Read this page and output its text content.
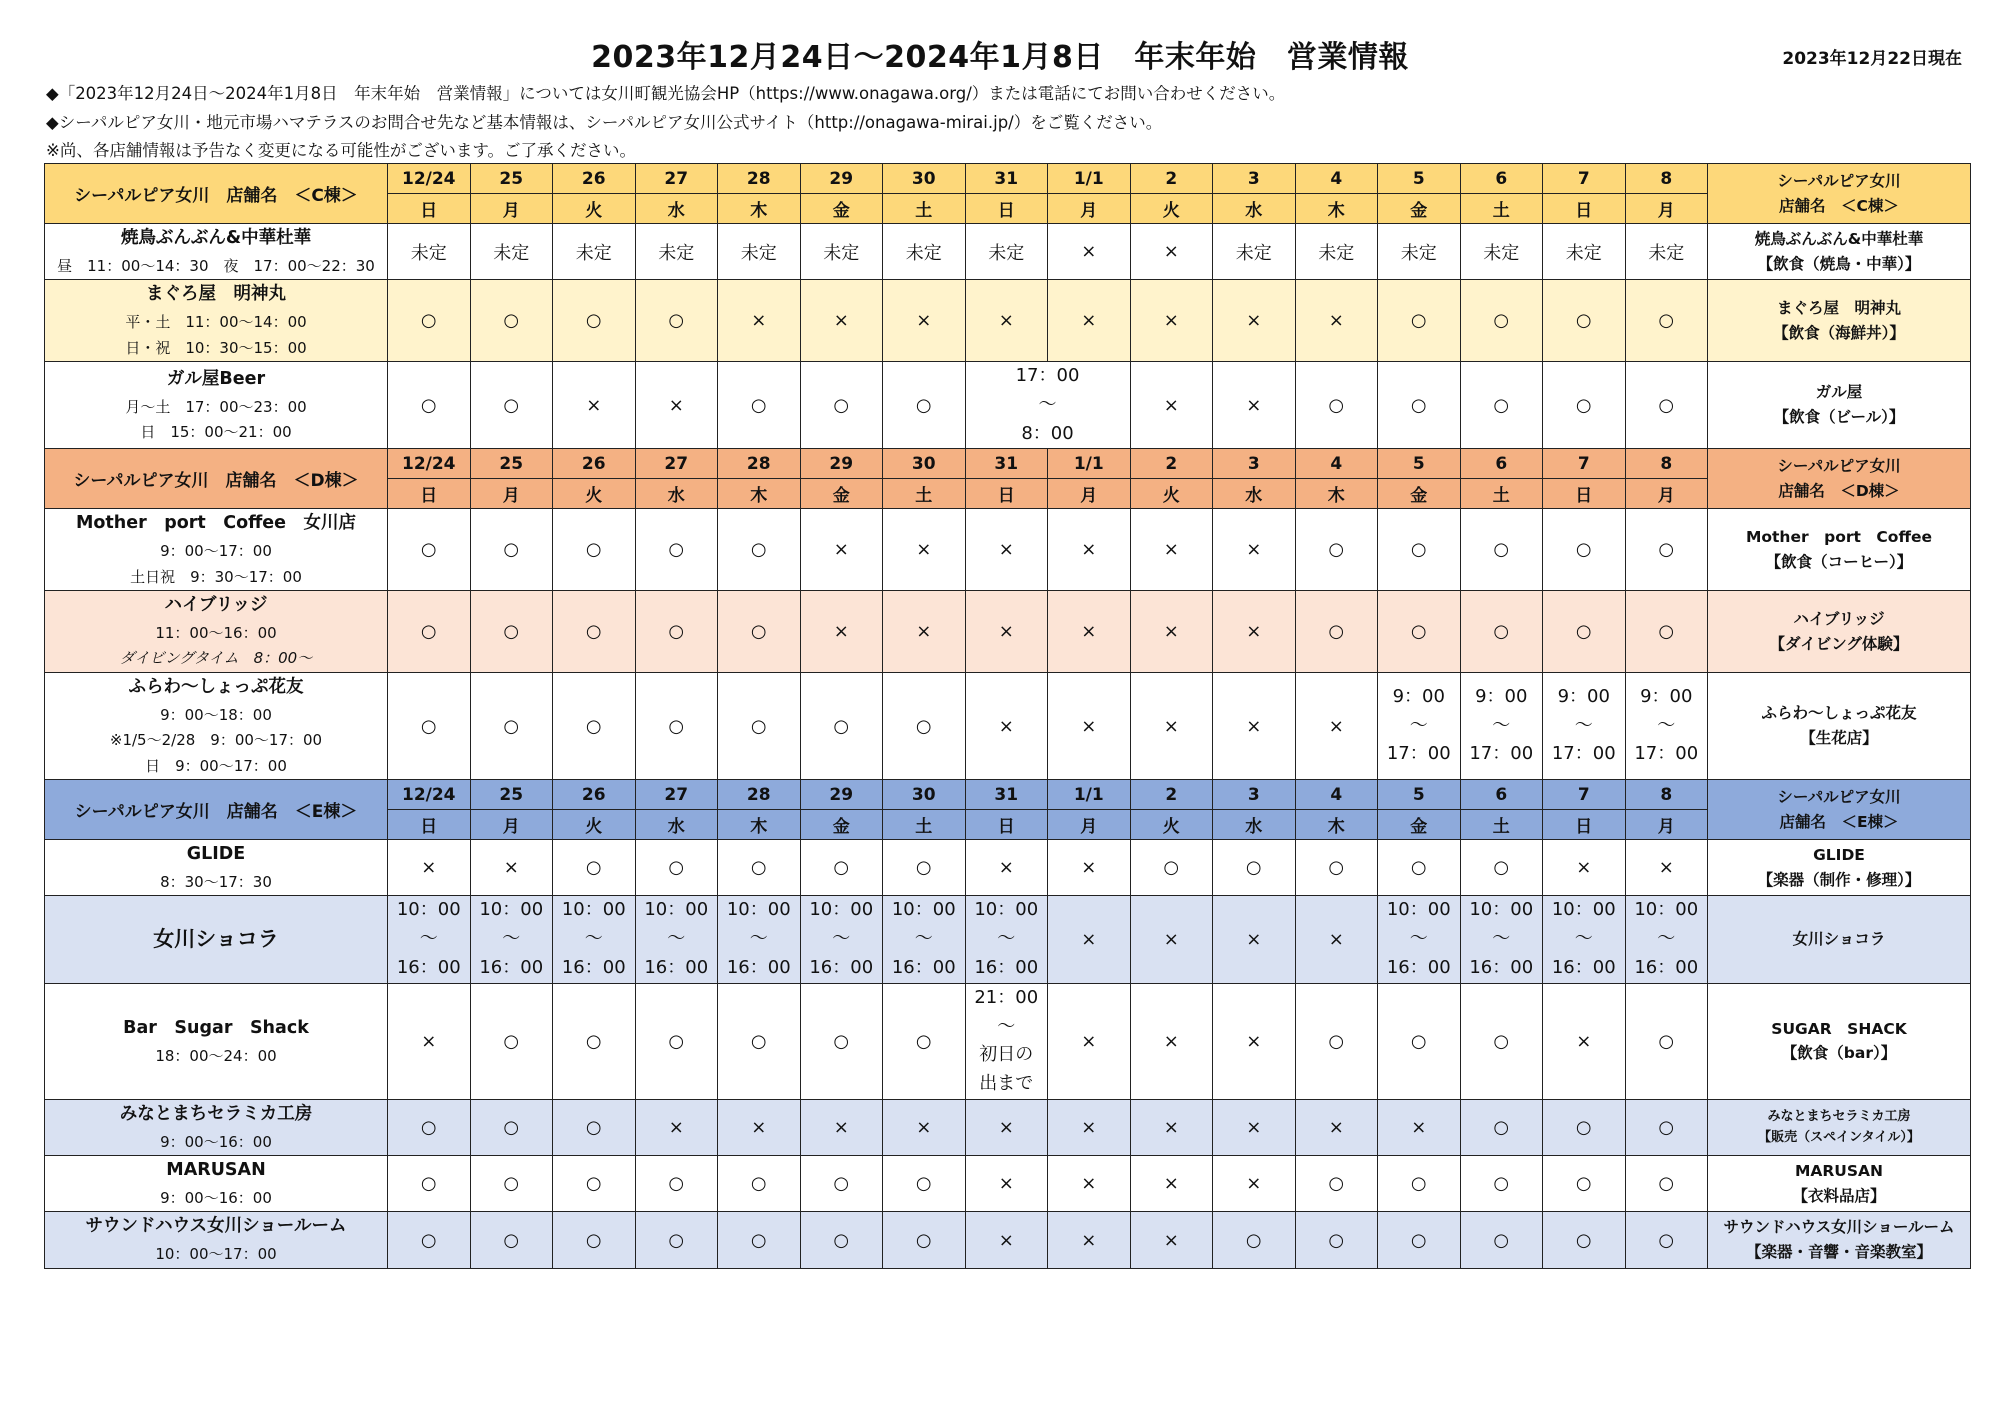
2023年12月24日〜2024年1月8日　年末年始　営業情報	2023年12月22日現在
◆「2023年12月24日〜2024年1月8日　年末年始　営業情報」については女川町観光協会HP（https://www.onagawa.org/）または電話にてお問い合わせください。
◆シーパルピア女川・地元市場ハマテラスのお問合せ先など基本情報は、シーパルピア女川公式サイト（http://onagawa-mirai.jp/）をご覧ください。
※尚、各店舗情報は予告なく変更になる可能性がございます。ご了承ください。
シーパルピア女川　店舗名　＜C棟＞	12/24	25	26	27	28	29	30	31	1/1	2	3	4	5	6	7	8	シーパルピア女川
店舗名　＜C棟＞

	日	月	火	水	木	金	土	日	月	火	水	木	金	土	日	月	

焼鳥ぶんぶん&中華杜華
昼　11：00〜14：30　夜　17：00〜22：30	未定	未定	未定	未定	未定	未定	未定	未定	×	×	未定	未定	未定	未定	未定	未定	焼鳥ぶんぶん&中華杜華
【飲食（焼鳥・中華）】

まぐろ屋　明神丸
平・土　11：00〜14：00
日・祝　10：30〜15：00	○	○	○	○	×	×	×	×	×	×	×	×	○	○	○	○	まぐろ屋　明神丸
【飲食（海鮮丼）】

ガル屋Beer
月〜土　17：00〜23：00
日　15：00〜21：00	○	○	×	×	○	○	○	17：00
〜
8：00		×	×	○	○	○	○	○	ガル屋
【飲食（ビール）】

シーパルピア女川　店舗名　＜D棟＞	12/24	25	26	27	28	29	30	31	1/1	2	3	4	5	6	7	8	シーパルピア女川
店舗名　＜D棟＞

	日	月	火	水	木	金	土	日	月	火	水	木	金	土	日	月	

Mother　port　Coffee　女川店
9：00〜17：00
土日祝　9：30〜17：00	○	○	○	○	○	×	×	×	×	×	×	○	○	○	○	○	Mother　port　Coffee
【飲食（コーヒー）】

ハイブリッジ
11：00〜16：00
ダイビングタイム　8：00〜	○	○	○	○	○	×	×	×	×	×	×	○	○	○	○	○	ハイブリッジ
【ダイビング体験】

ふらわ〜しょっぷ花友
9：00〜18：00
※1/5〜2/28　9：00〜17：00
日　9：00〜17：00	○	○	○	○	○	○	○	×	×	×	×	×	9：00
〜
17：00	9：00
〜
17：00	9：00
〜
17：00	9：00
〜
17：00	ふらわ〜しょっぷ花友
【生花店】

シーパルピア女川　店舗名　＜E棟＞	12/24	25	26	27	28	29	30	31	1/1	2	3	4	5	6	7	8	シーパルピア女川
店舗名　＜E棟＞

	日	月	火	水	木	金	土	日	月	火	水	木	金	土	日	月	

GLIDE
8：30〜17：30	×	×	○	○	○	○	○	×	×	○	○	○	○	○	×	×	GLIDE
【楽器（制作・修理）】

女川ショコラ	10：00
〜
16：00	10：00
〜
16：00	10：00
〜
16：00	10：00
〜
16：00	10：00
〜
16：00	10：00
〜
16：00	10：00
〜
16：00	10：00
〜
16：00	×	×	×	×	10：00
〜
16：00	10：00
〜
16：00	10：00
〜
16：00	10：00
〜
16：00	女川ショコラ

Bar　Sugar　Shack
18：00〜24：00	×	○	○	○	○	○	○	21：00
〜
初日の
出まで	×	×	×	○	○	○	×	○	SUGAR　SHACK
【飲食（bar）】

みなとまちセラミカ工房
9：00〜16：00	○	○	○	×	×	×	×	×	×	×	×	×	×	○	○	○	みなとまちセラミカ工房
【販売（スペインタイル）】

MARUSAN
9：00〜16：00	○	○	○	○	○	○	○	×	×	×	×	○	○	○	○	○	MARUSAN
【衣料品店】

サウンドハウス女川ショールーム
10：00〜17：00	○	○	○	○	○	○	○	×	×	×	○	○	○	○	○	○	サウンドハウス女川ショールーム
【楽器・音響・音楽教室】
